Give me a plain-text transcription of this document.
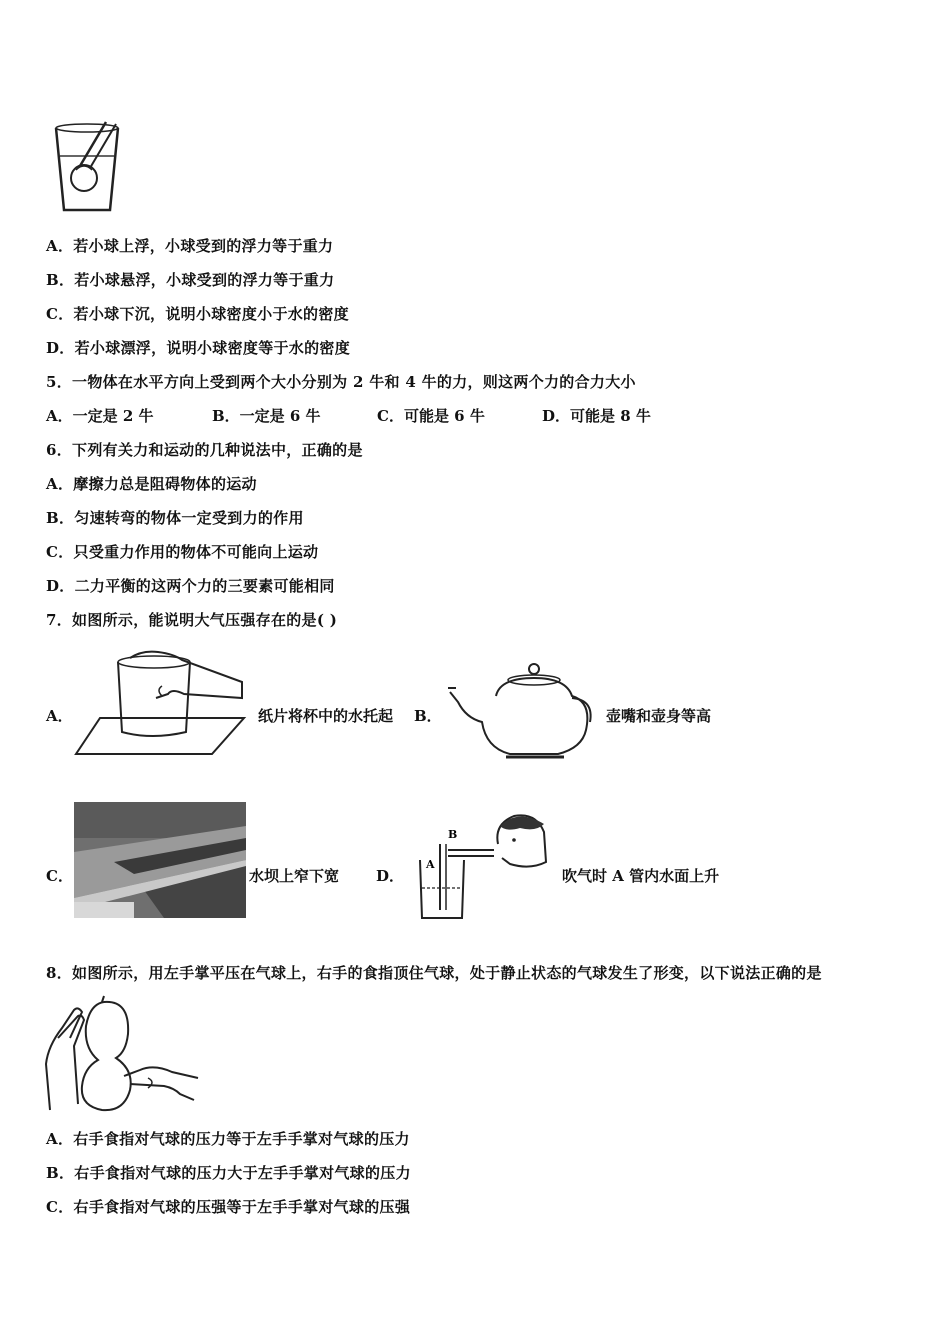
A．若小球上浮，小球受到的浮力等于重力
B．若小球悬浮，小球受到的浮力等于重力
C．若小球下沉，说明小球密度小于水的密度
D．若小球漂浮，说明小球密度等于水的密度
5．一物体在水平方向上受到两个大小分别为 2 牛和 4 牛的力，则这两个力的合力大小
A．一定是 2 牛	B．一定是 6 牛	C．可能是 6 牛	D．可能是 8 牛
6．下列有关力和运动的几种说法中，正确的是
A．摩擦力总是阻碍物体的运动
B．匀速转弯的物体一定受到力的作用
C．只受重力作用的物体不可能向上运动
D．二力平衡的这两个力的三要素可能相同
7．如图所示，能说明大气压强存在的是( )
A．	纸片将杯中的水托起 B．	壶嘴和壶身等高
C．	水坝上窄下宽 D．
B
A
吹气时 A 管内水面上升
8．如图所示，用左手掌平压在气球上，右手的食指顶住气球，处于静止状态的气球发生了形变，以下说法正确的是
A．右手食指对气球的压力等于左手手掌对气球的压力
B．右手食指对气球的压力大于左手手掌对气球的压力
C．右手食指对气球的压强等于左手手掌对气球的压强
